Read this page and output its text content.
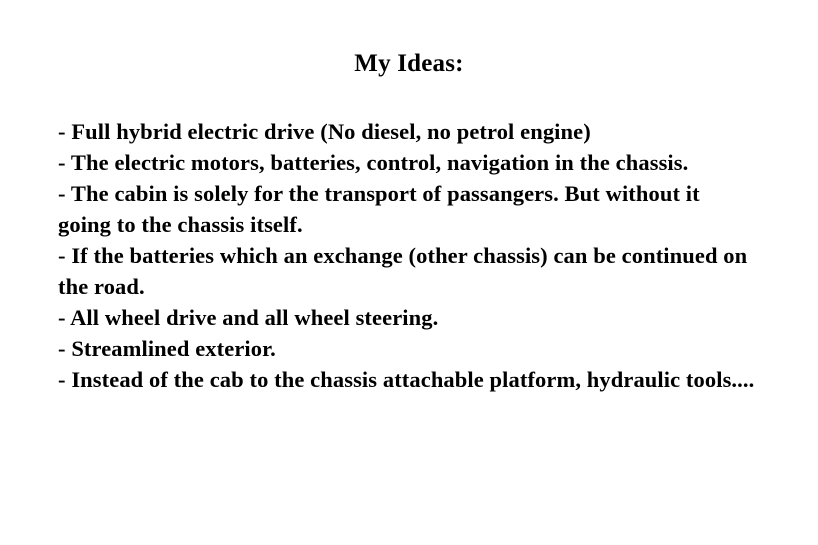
My Ideas:

- Full hybrid electric drive (No diesel, no petrol engine)

- The electric motors, batteries, control, navigation in the chassis.

- The cabin is solely for the transport of passangers. But without it going to the chassis itself.

- If the batteries which an exchange (other chassis) can be continued on the road.

- All wheel drive and all wheel steering.

- Streamlined exterior.

- Instead of the cab to the chassis attachable platform, hydraulic tools....
